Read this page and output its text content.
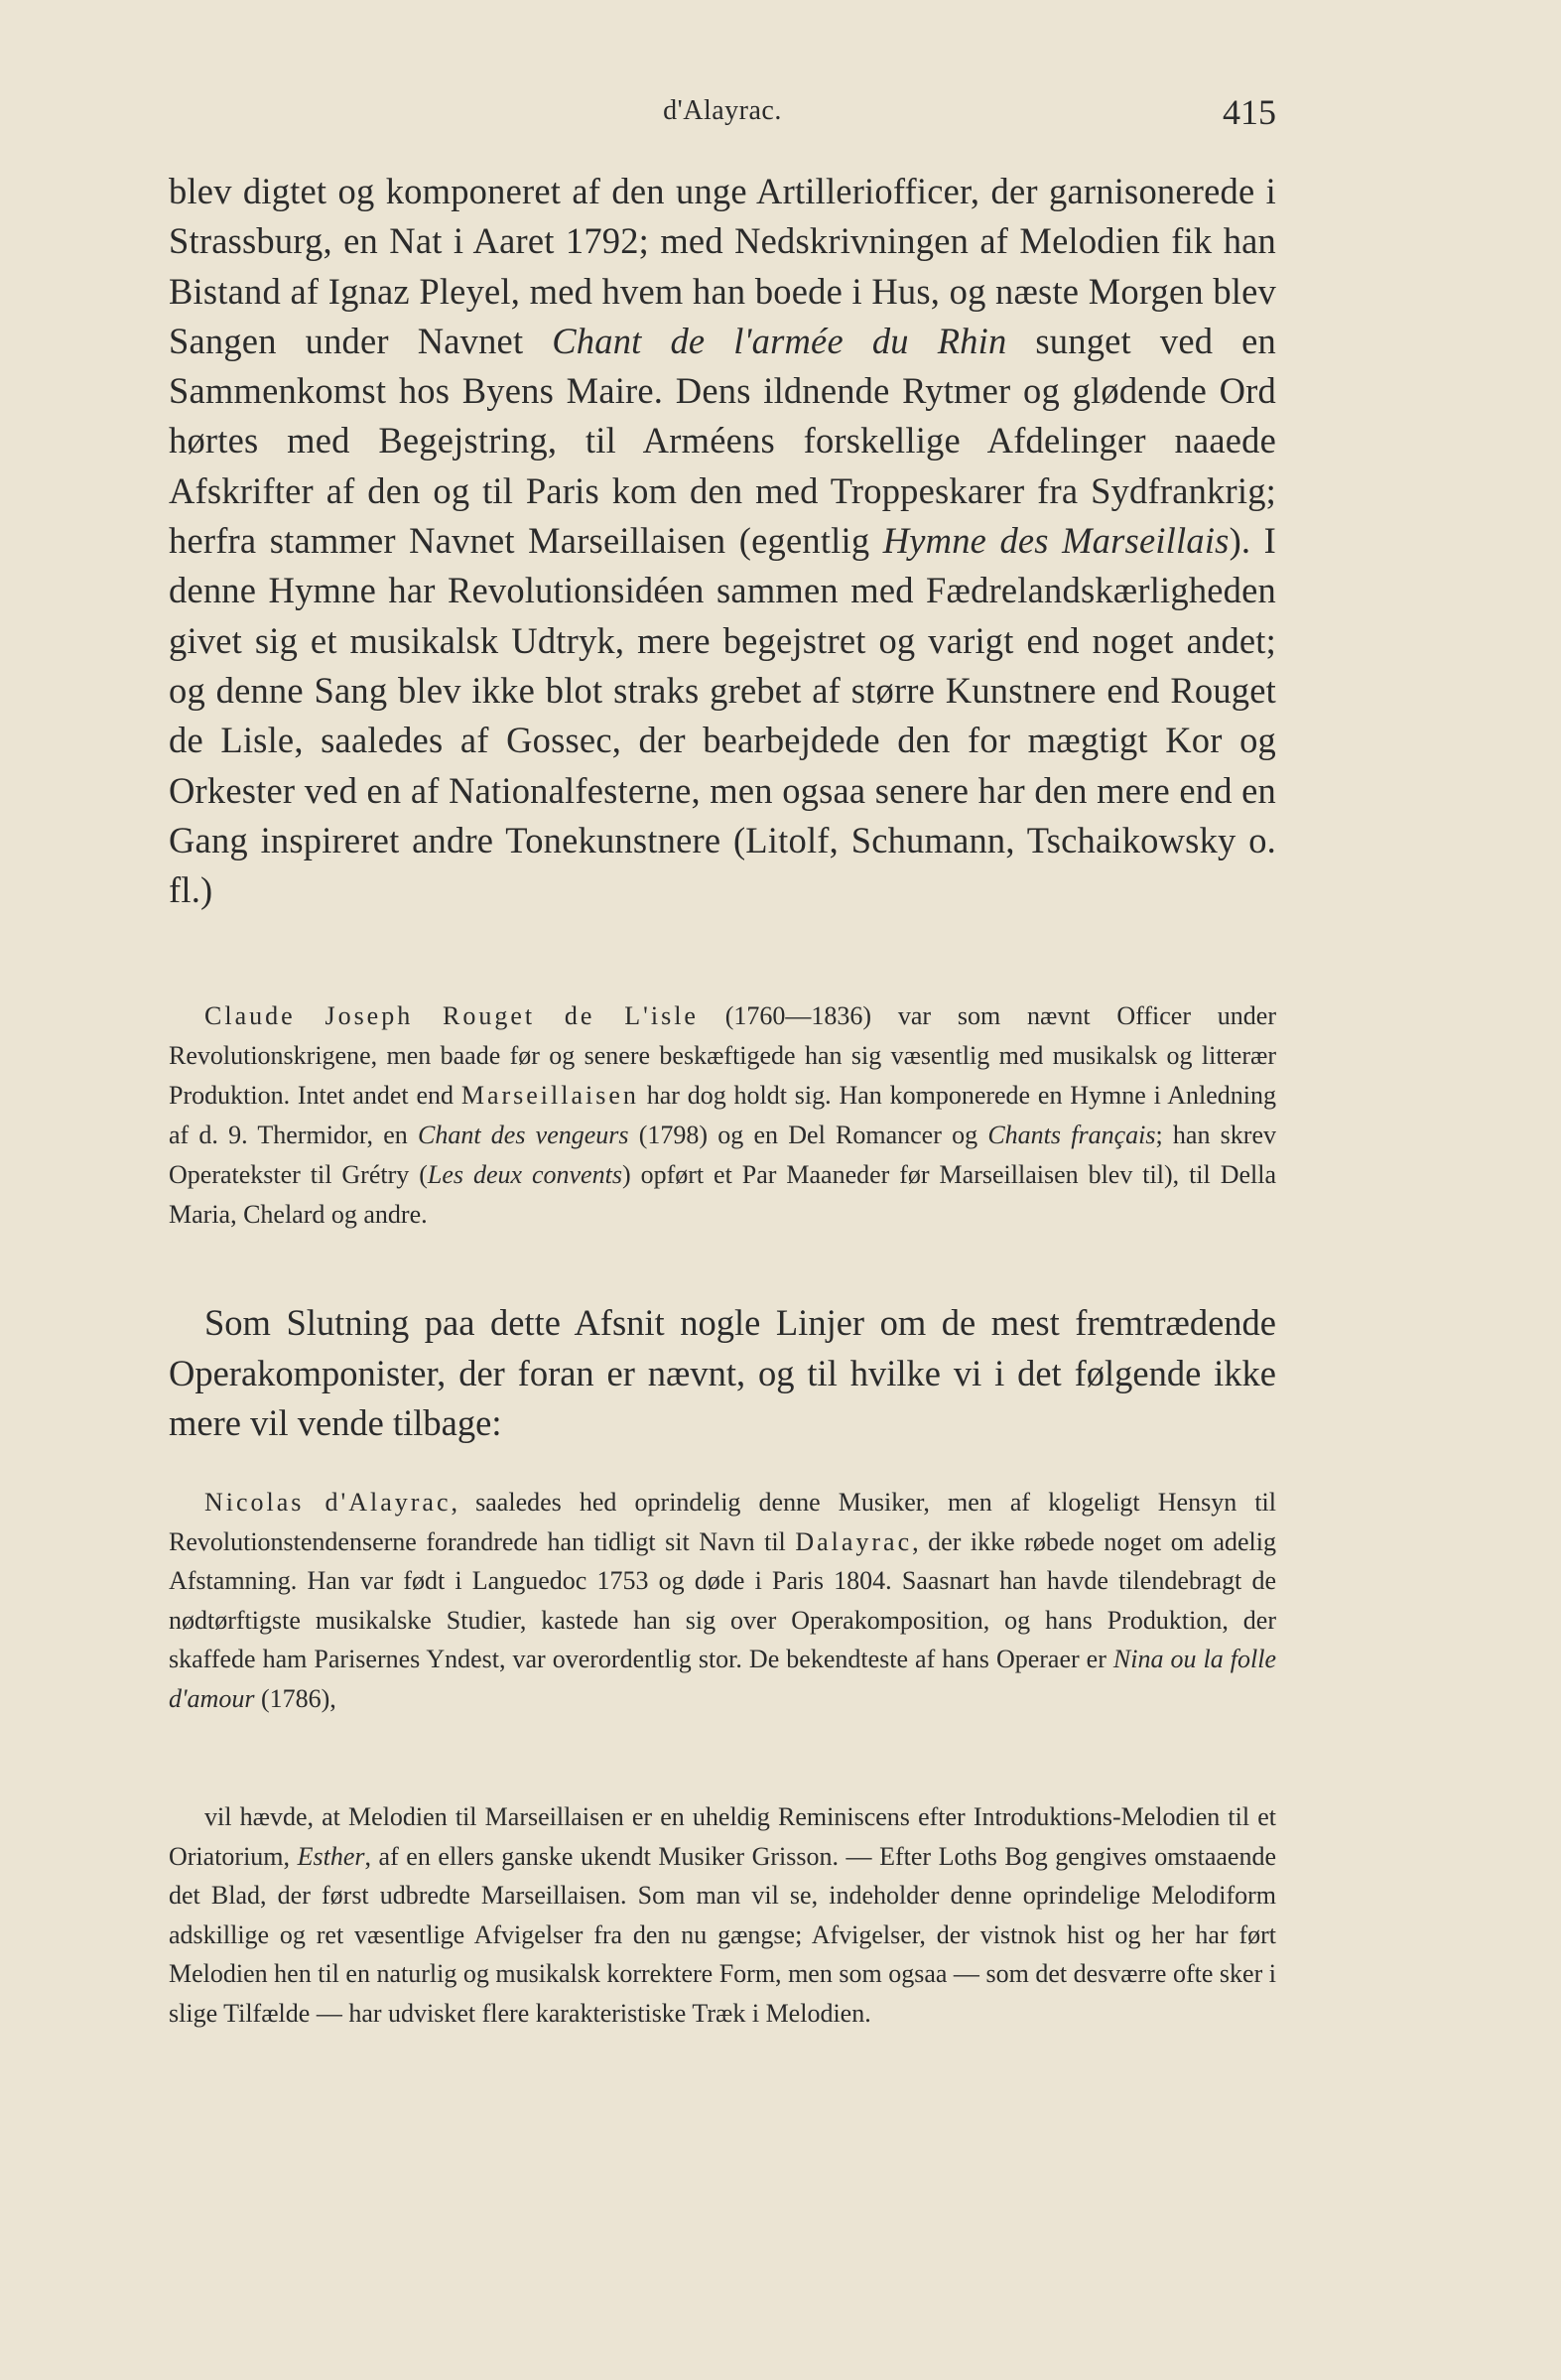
d'Alayrac.	415

blev digtet og komponeret af den unge Artilleriofficer, der garnisonerede i Strassburg, en Nat i Aaret 1792; med Nedskrivningen af Melodien fik han Bistand af Ignaz Pleyel, med hvem han boede i Hus, og næste Morgen blev Sangen under Navnet Chant de l'armée du Rhin sunget ved en Sammenkomst hos Byens Maire. Dens ildnende Rytmer og glødende Ord hørtes med Begejstring, til Arméens forskellige Afdelinger naaede Afskrifter af den og til Paris kom den med Troppeskarer fra Sydfrankrig; herfra stammer Navnet Marseillaisen (egentlig Hymne des Marseillais). I denne Hymne har Revolutionsidéen sammen med Fædrelandskærligheden givet sig et musikalsk Udtryk, mere begejstret og varigt end noget andet; og denne Sang blev ikke blot straks grebet af større Kunstnere end Rouget de Lisle, saaledes af Gossec, der bearbejdede den for mægtigt Kor og Orkester ved en af Nationalfesterne, men ogsaa senere har den mere end en Gang inspireret andre Tonekunstnere (Litolf, Schumann, Tschaikowsky o. fl.)

Claude Joseph Rouget de L'isle (1760—1836) var som nævnt Officer under Revolutionskrigene, men baade før og senere beskæftigede han sig væsentlig med musikalsk og litterær Produktion. Intet andet end Marseillaisen har dog holdt sig. Han komponerede en Hymne i Anledning af d. 9. Thermidor, en Chant des vengeurs (1798) og en Del Romancer og Chants français; han skrev Operatekster til Grétry (Les deux convents) opført et Par Maaneder før Marseillaisen blev til), til Della Maria, Chelard og andre.

Som Slutning paa dette Afsnit nogle Linjer om de mest fremtrædende Operakomponister, der foran er nævnt, og til hvilke vi i det følgende ikke mere vil vende tilbage:

Nicolas d'Alayrac, saaledes hed oprindelig denne Musiker, men af klogeligt Hensyn til Revolutionstendenserne forandrede han tidligt sit Navn til Dalayrac, der ikke røbede noget om adelig Afstamning. Han var født i Languedoc 1753 og døde i Paris 1804. Saasnart han havde tilendebragt de nødtørftigste musikalske Studier, kastede han sig over Operakomposition, og hans Produktion, der skaffede ham Parisernes Yndest, var overordentlig stor. De bekendteste af hans Operaer er Nina ou la folle d'amour (1786),

vil hævde, at Melodien til Marseillaisen er en uheldig Reminiscens efter Introduktions-Melodien til et Oriatorium, Esther, af en ellers ganske ukendt Musiker Grisson. — Efter Loths Bog gengives omstaaende det Blad, der først udbredte Marseillaisen. Som man vil se, indeholder denne oprindelige Melodiform adskillige og ret væsentlige Afvigelser fra den nu gængse; Afvigelser, der vistnok hist og her har ført Melodien hen til en naturlig og musikalsk korrektere Form, men som ogsaa — som det desværre ofte sker i slige Tilfælde — har udvisket flere karakteristiske Træk i Melodien.
